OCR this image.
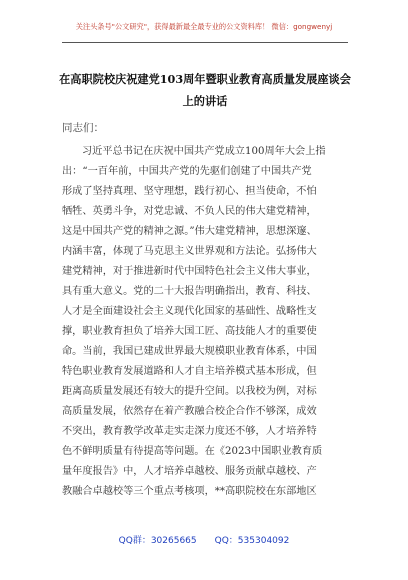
关注头条号"公文研究"，获得最新最全最专业的公文资料库！ 微信：gongwenyj
在高职院校庆祝建党103周年暨职业教育高质量发展座谈会
上的讲话
同志们：
习近平总书记在庆祝中国共产党成立100周年大会上指
出：“一百年前，中国共产党的先驱们创建了中国共产党
形成了坚持真理、坚守理想，践行初心、担当使命，不怕
牺牲、英勇斗争，对党忠诚、不负人民的伟大建党精神，
这是中国共产党的精神之源。”伟大建党精神，思想深邃、
内涵丰富，体现了马克思主义世界观和方法论。弘扬伟大
建党精神，对于推进新时代中国特色社会主义伟大事业，
具有重大意义。党的二十大报告明确指出，教育、科技、
人才是全面建设社会主义现代化国家的基础性、战略性支
撑，职业教育担负了培养大国工匠、高技能人才的重要使
命。当前，我国已建成世界最大规模职业教育体系，中国
特色职业教育发展道路和人才自主培养模式基本形成，但
距离高质量发展还有较大的提升空间。以我校为例，对标
高质量发展，依然存在着产教融合校企合作不够深，成效
不突出，教育教学改革走实走深力度还不够，人才培养特
色不鲜明质量有待提高等问题。在《2023中国职业教育质
量年度报告》中，人才培养卓越校、服务贡献卓越校、产
教融合卓越校等三个重点考核项，**高职院校在东部地区
QQ群：30265665 QQ：535304092
